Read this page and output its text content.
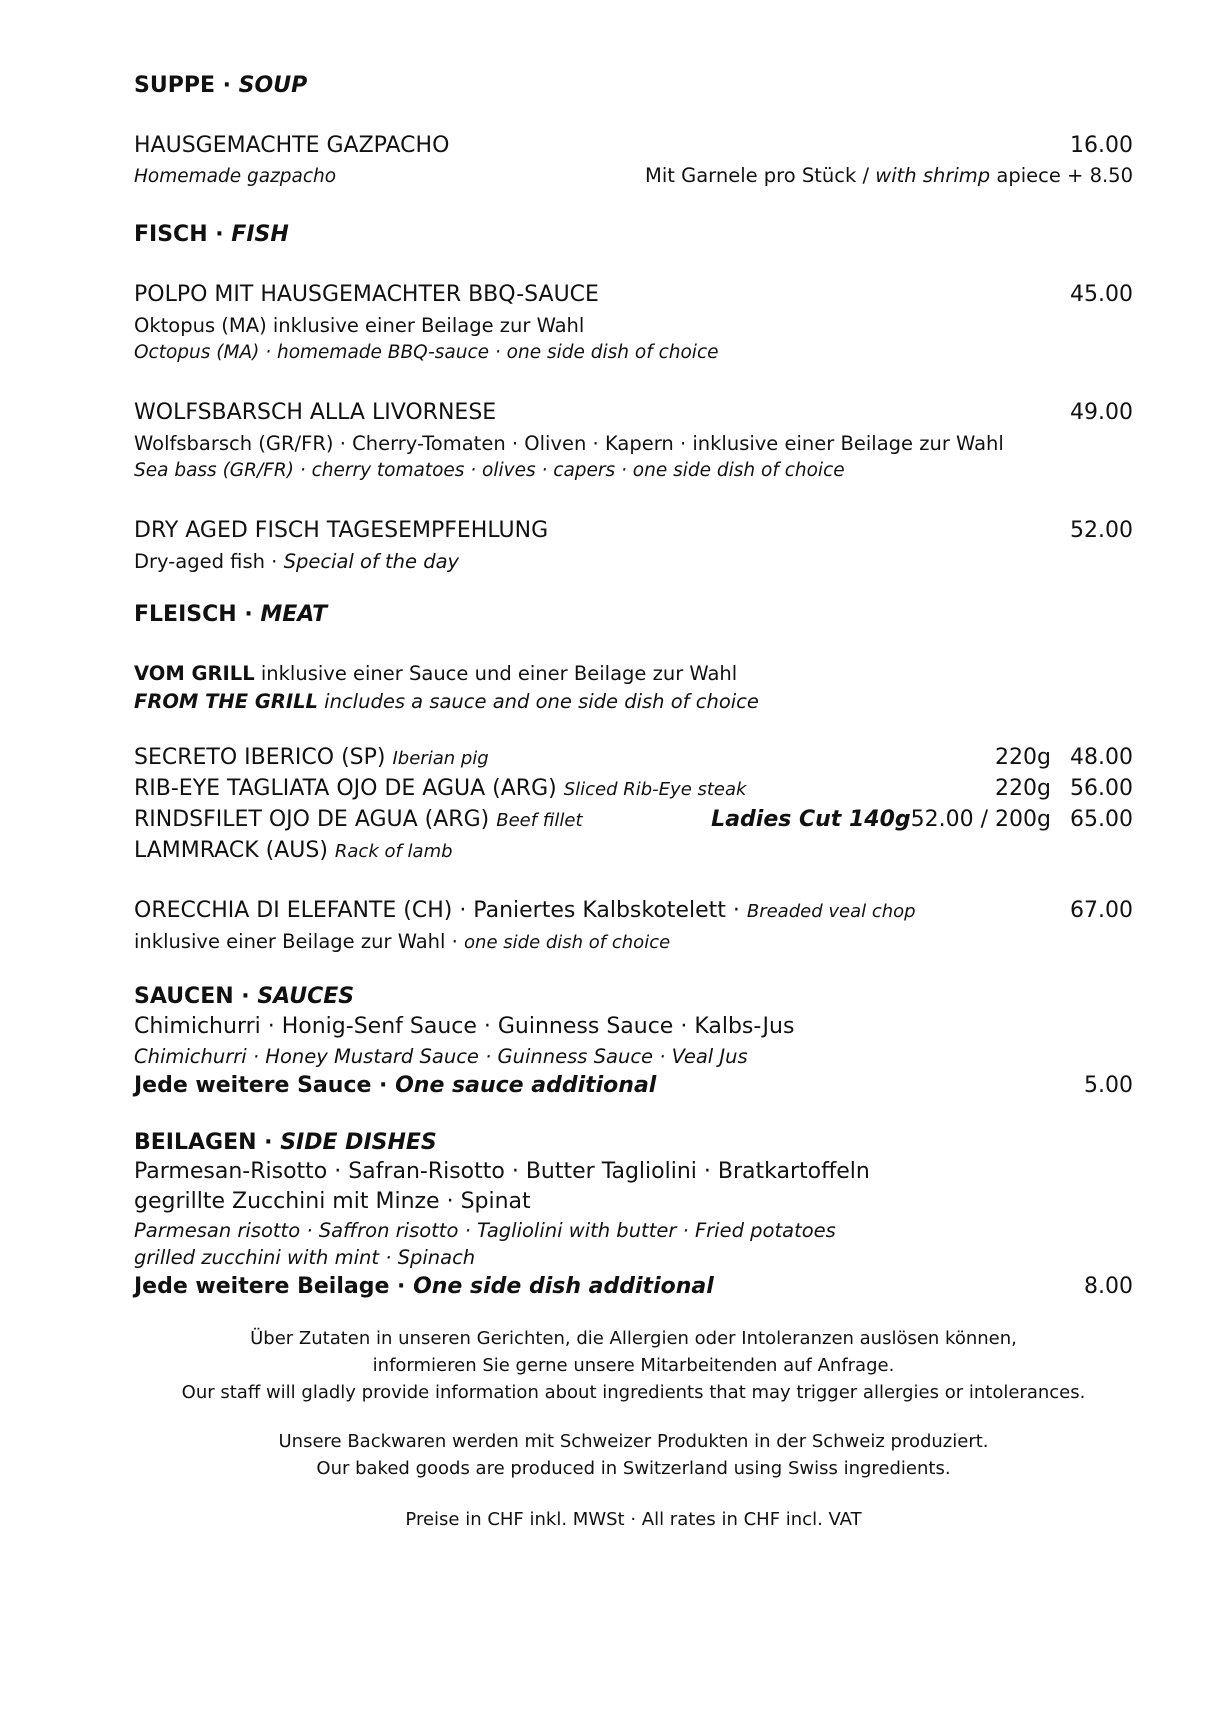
SUPPE · SOUP
HAUSGEMACHTE GAZPACHO	16.00
Homemade gazpacho	Mit Garnele pro Stück / with shrimp apiece + 8.50
FISCH · FISH
POLPO MIT HAUSGEMACHTER BBQ-SAUCE	45.00
Oktopus (MA) inklusive einer Beilage zur Wahl
Octopus (MA) · homemade BBQ-sauce · one side dish of choice
WOLFSBARSCH ALLA LIVORNESE	49.00
Wolfsbarsch (GR/FR) · Cherry-Tomaten · Oliven · Kapern · inklusive einer Beilage zur Wahl
Sea bass (GR/FR) · cherry tomatoes · olives · capers · one side dish of choice
DRY AGED FISCH TAGESEMPFEHLUNG	52.00
Dry-aged fish · Special of the day
FLEISCH · MEAT
VOM GRILL inklusive einer Sauce und einer Beilage zur Wahl
FROM THE GRILL includes a sauce and one side dish of choice
SECRETO IBERICO (SP) Iberian pig	220g 48.00
RIB-EYE TAGLIATA OJO DE AGUA (ARG) Sliced Rib-Eye steak	220g 56.00
RINDSFILET OJO DE AGUA (ARG) Beef fillet	Ladies Cut 140g 52.00 / 200g 65.00
LAMMRACK (AUS) Rack of lamb
ORECCHIA DI ELEFANTE (CH) · Paniertes Kalbskotelett · Breaded veal chop	67.00
inklusive einer Beilage zur Wahl · one side dish of choice
SAUCEN · SAUCES
Chimichurri · Honig-Senf Sauce · Guinness Sauce · Kalbs-Jus
Chimichurri · Honey Mustard Sauce · Guinness Sauce · Veal Jus
Jede weitere Sauce · One sauce additional	5.00
BEILAGEN · SIDE DISHES
Parmesan-Risotto · Safran-Risotto · Butter Tagliolini · Bratkartoffeln
gegrillte Zucchini mit Minze · Spinat
Parmesan risotto · Saffron risotto · Tagliolini with butter · Fried potatoes
grilled zucchini with mint · Spinach
Jede weitere Beilage · One side dish additional	8.00
Über Zutaten in unseren Gerichten, die Allergien oder Intoleranzen auslösen können,
informieren Sie gerne unsere Mitarbeitenden auf Anfrage.
Our staff will gladly provide information about ingredients that may trigger allergies or intolerances.
Unsere Backwaren werden mit Schweizer Produkten in der Schweiz produziert.
Our baked goods are produced in Switzerland using Swiss ingredients.
Preise in CHF inkl. MWSt · All rates in CHF incl. VAT
